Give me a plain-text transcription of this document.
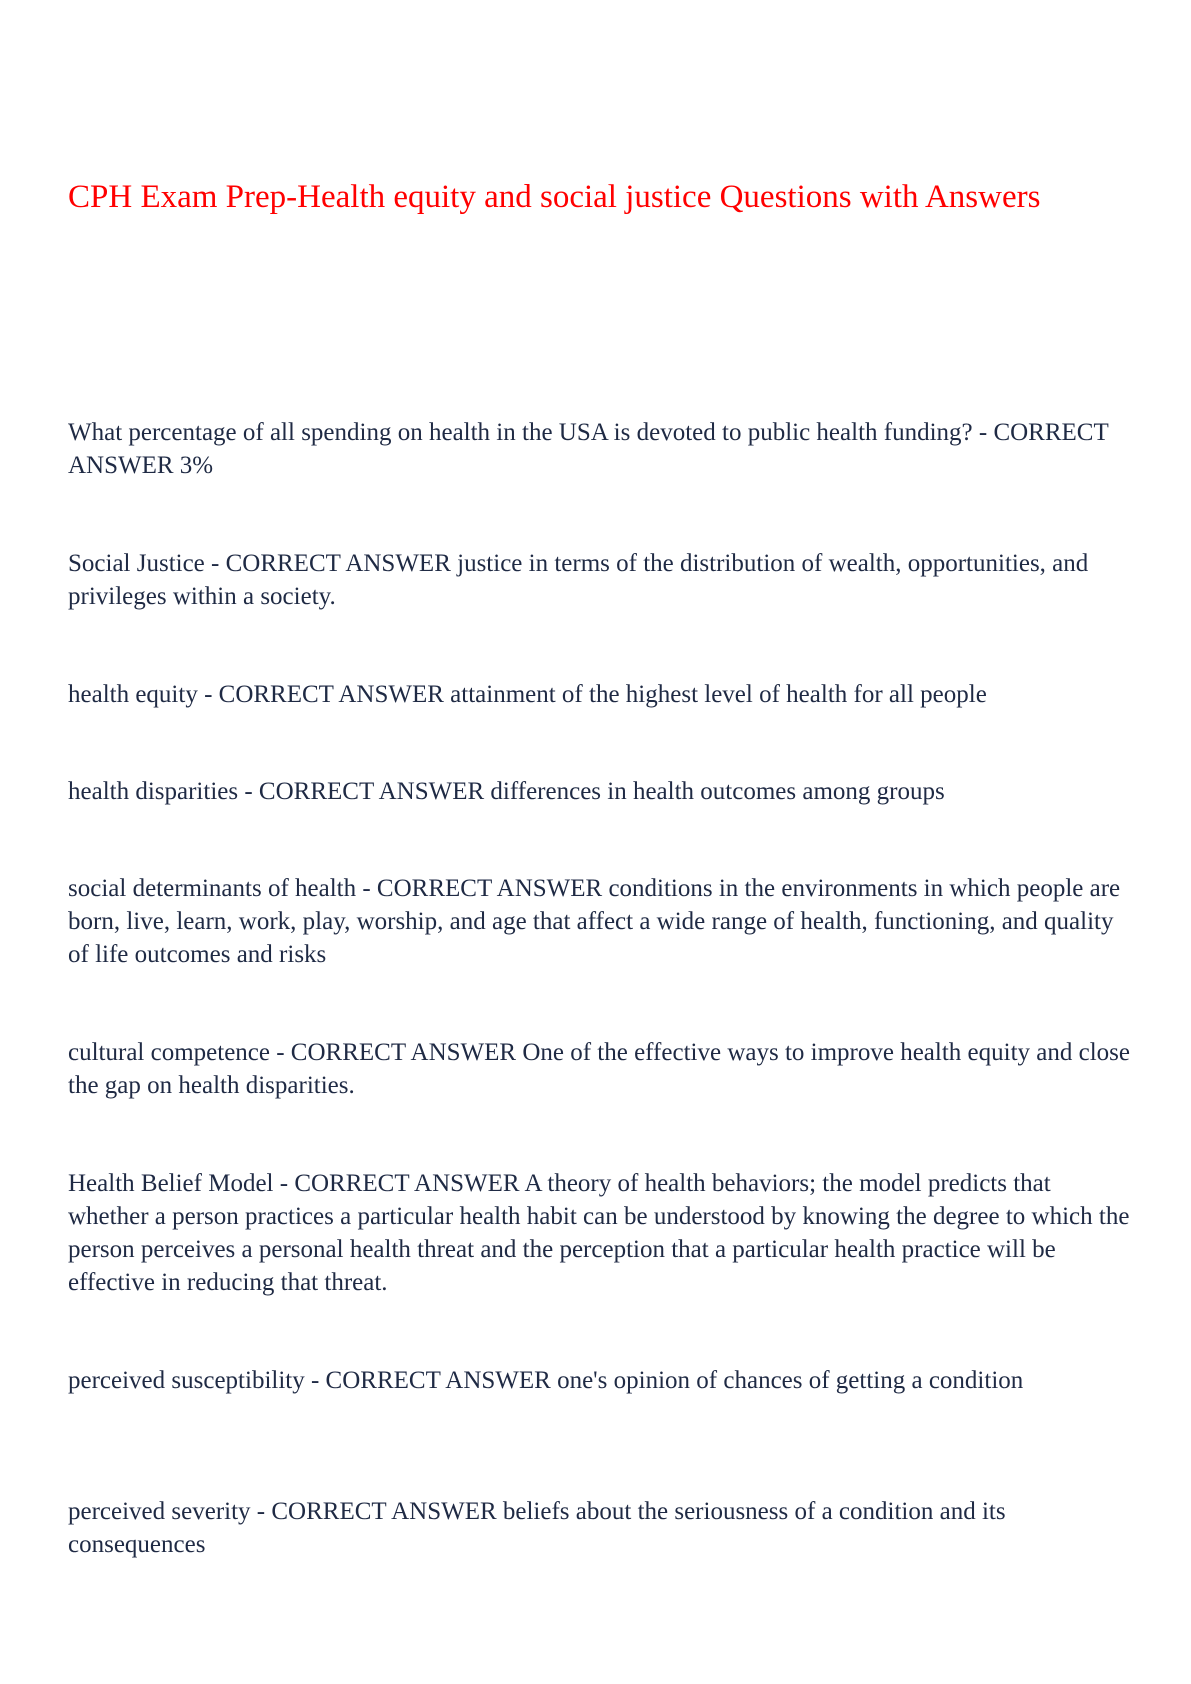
CPH Exam Prep-Health equity and social justice Questions with Answers

What percentage of all spending on health in the USA is devoted to public health funding? - CORRECT ANSWER 3%

Social Justice - CORRECT ANSWER justice in terms of the distribution of wealth, opportunities, and privileges within a society.

health equity - CORRECT ANSWER attainment of the highest level of health for all people

health disparities - CORRECT ANSWER differences in health outcomes among groups

social determinants of health - CORRECT ANSWER conditions in the environments in which people are born, live, learn, work, play, worship, and age that affect a wide range of health, functioning, and quality of life outcomes and risks

cultural competence - CORRECT ANSWER One of the effective ways to improve health equity and close the gap on health disparities.

Health Belief Model - CORRECT ANSWER A theory of health behaviors; the model predicts that whether a person practices a particular health habit can be understood by knowing the degree to which the person perceives a personal health threat and the perception that a particular health practice will be effective in reducing that threat.

perceived susceptibility - CORRECT ANSWER one's opinion of chances of getting a condition

perceived severity - CORRECT ANSWER beliefs about the seriousness of a condition and its consequences
